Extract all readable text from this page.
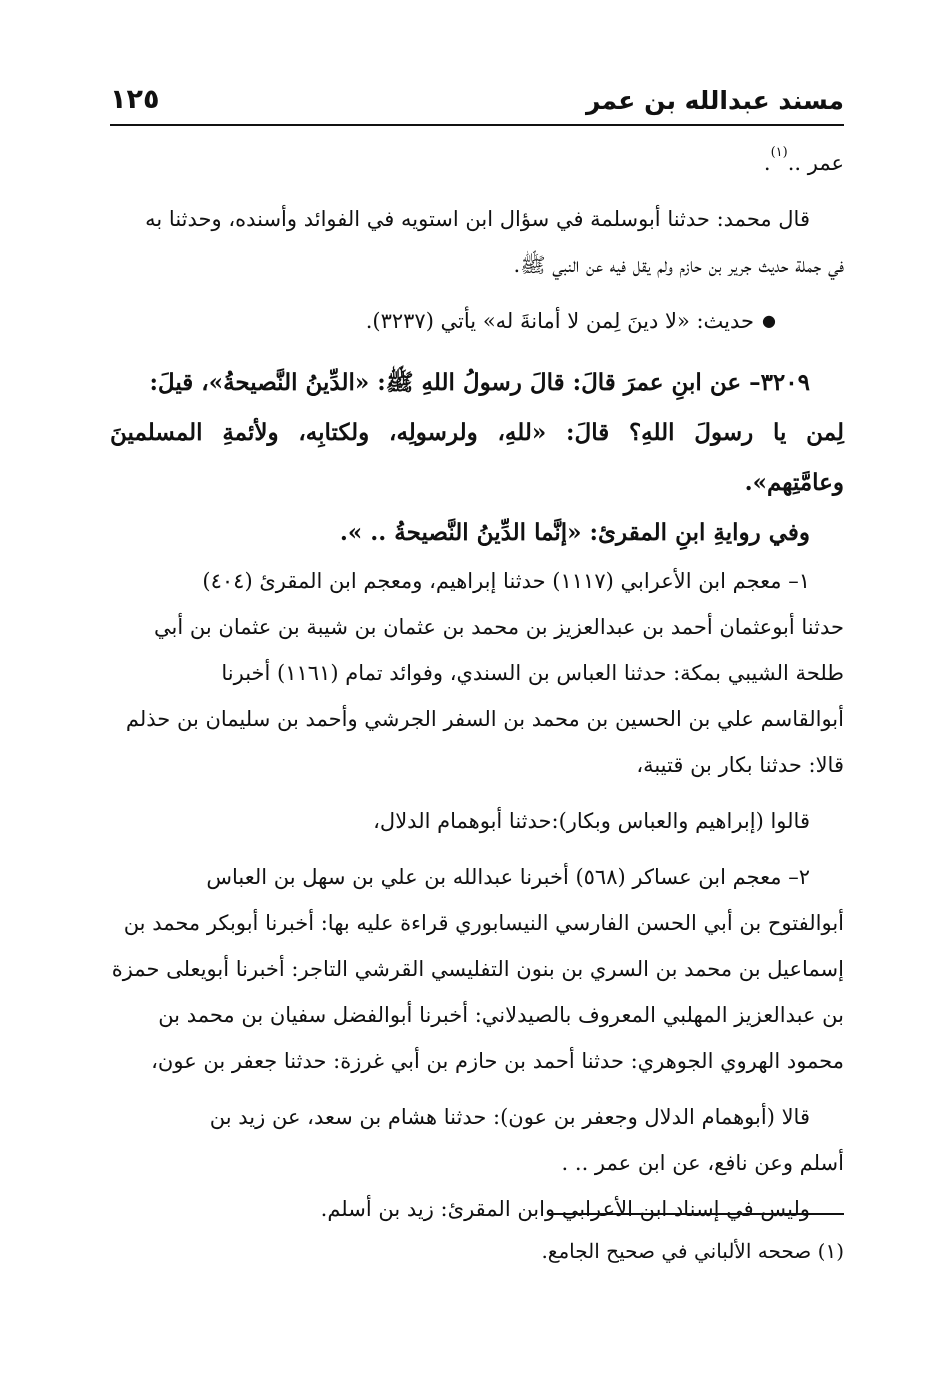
مسند عبدالله بن عمر
١٢٥

عمر ..$^{(١)}$.

قال محمد: حدثنا أبوسلمة في سؤال ابن استويه في الفوائد وأسنده، وحدثنا به

في جملة حديث جرير بن حازم ولم يقل فيه عن النبي ﷺ.

●حديث: «لا دينَ لِمن لا أمانةَ له» يأتي (٣٢٣٧).

٣٢٠٩– عن ابنِ عمرَ قالَ: قالَ رسولُ اللهِ ﷺ: «الدِّينُ النَّصيحةُ»، قيلَ:

لِمن يا رسولَ اللهِ؟ قالَ: «للهِ، ولرسولِه، ولكتابِه، ولأئمةِ المسلمينَ وعامَّتِهم».

وفي روايةِ ابنِ المقرئ: «إنَّما الدِّينُ النَّصيحةُ .. ».

١– معجم ابن الأعرابي (١١١٧) حدثنا إبراهيم، ومعجم ابن المقرئ (٤٠٤)

حدثنا أبوعثمان أحمد بن عبدالعزيز بن محمد بن عثمان بن شيبة بن عثمان بن أبي

طلحة الشيبي بمكة: حدثنا العباس بن السندي، وفوائد تمام (١١٦١) أخبرنا

أبوالقاسم علي بن الحسين بن محمد بن السفر الجرشي وأحمد بن سليمان بن حذلم

قالا: حدثنا بكار بن قتيبة،

قالوا (إبراهيم والعباس وبكار):حدثنا أبوهمام الدلال،

٢– معجم ابن عساكر (٥٦٨) أخبرنا عبدالله بن علي بن سهل بن العباس

أبوالفتوح بن أبي الحسن الفارسي النيسابوري قراءة عليه بها: أخبرنا أبوبكر محمد بن

إسماعيل بن محمد بن السري بن بنون التفليسي القرشي التاجر: أخبرنا أبويعلى حمزة

بن عبدالعزيز المهلبي المعروف بالصيدلاني: أخبرنا أبوالفضل سفيان بن محمد بن

محمود الهروي الجوهري: حدثنا أحمد بن حازم بن أبي غرزة: حدثنا جعفر بن عون،

قالا (أبوهمام الدلال وجعفر بن عون): حدثنا هشام بن سعد، عن زيد بن

أسلم وعن نافع، عن ابن عمر .. .

وليس في إسناد ابن الأعرابي وابن المقرئ: زيد بن أسلم.

(١) صححه الألباني في صحيح الجامع.
